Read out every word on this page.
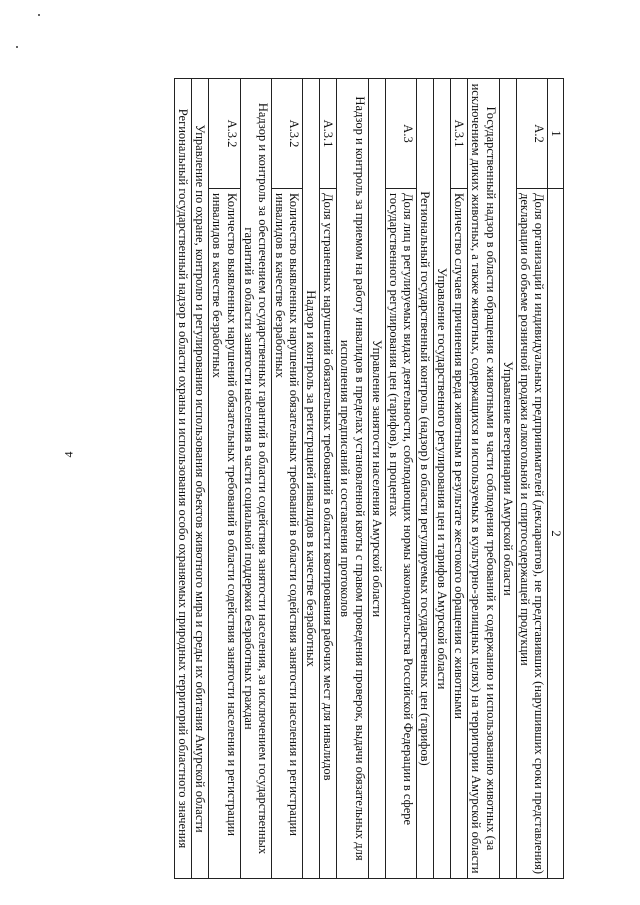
4
1	2
А.2	Доля организаций и индивидуальных предпринимателей (декларантов), не представивших (нарушивших сроки представления) декларации об объеме розничной продажи алкогольной и спиртосодержащей продукции
Управление ветеринарии Амурской области	
Государственный надзор в области обращения с животными в части соблюдения требований к содержанию и использованию животных (за исключением диких животных, а также животных, содержащихся и используемых в культурно-зрелищных целях) на территории Амурской области	
А.3.1	Количество случаев причинения вреда животным в результате жестокого обращения с животными
Управление государственного регулирования цен и тарифов Амурской области	
Региональный государственный контроль (надзор) в области регулируемых государственных цен (тарифов)	
А.3	Доля лиц в регулируемых видах деятельности, соблюдающих нормы законодательства Российской Федерации в сфере государственного регулирования цен (тарифов), в процентах
Управление занятости населения Амурской области	
Надзор и контроль за приемом на работу инвалидов в пределах установленной квоты с правом проведения проверок, выдачи обязательных для исполнения предписаний и составления протоколов	
А.3.1	Доля устраненных нарушений обязательных требований в области квотирования рабочих мест для инвалидов
Надзор и контроль за регистрацией инвалидов в качестве безработных	
А.3.2	Количество выявленных нарушений обязательных требований в области содействия занятости населения и регистрации инвалидов в качестве безработных
Надзор и контроль за обеспечением государственных гарантий в области содействия занятости населения, за исключением государственных гарантий в области занятости населения в части социальной поддержки безработных граждан	
А.3.2	Количество выявленных нарушений обязательных требований в области содействия занятости населения и регистрации инвалидов в качестве безработных
Управление по охране, контролю и регулированию использования объектов животного мира и среды их обитания Амурской области	
Региональный государственный надзор в области охраны и использования особо охраняемых природных территорий областного значения	
